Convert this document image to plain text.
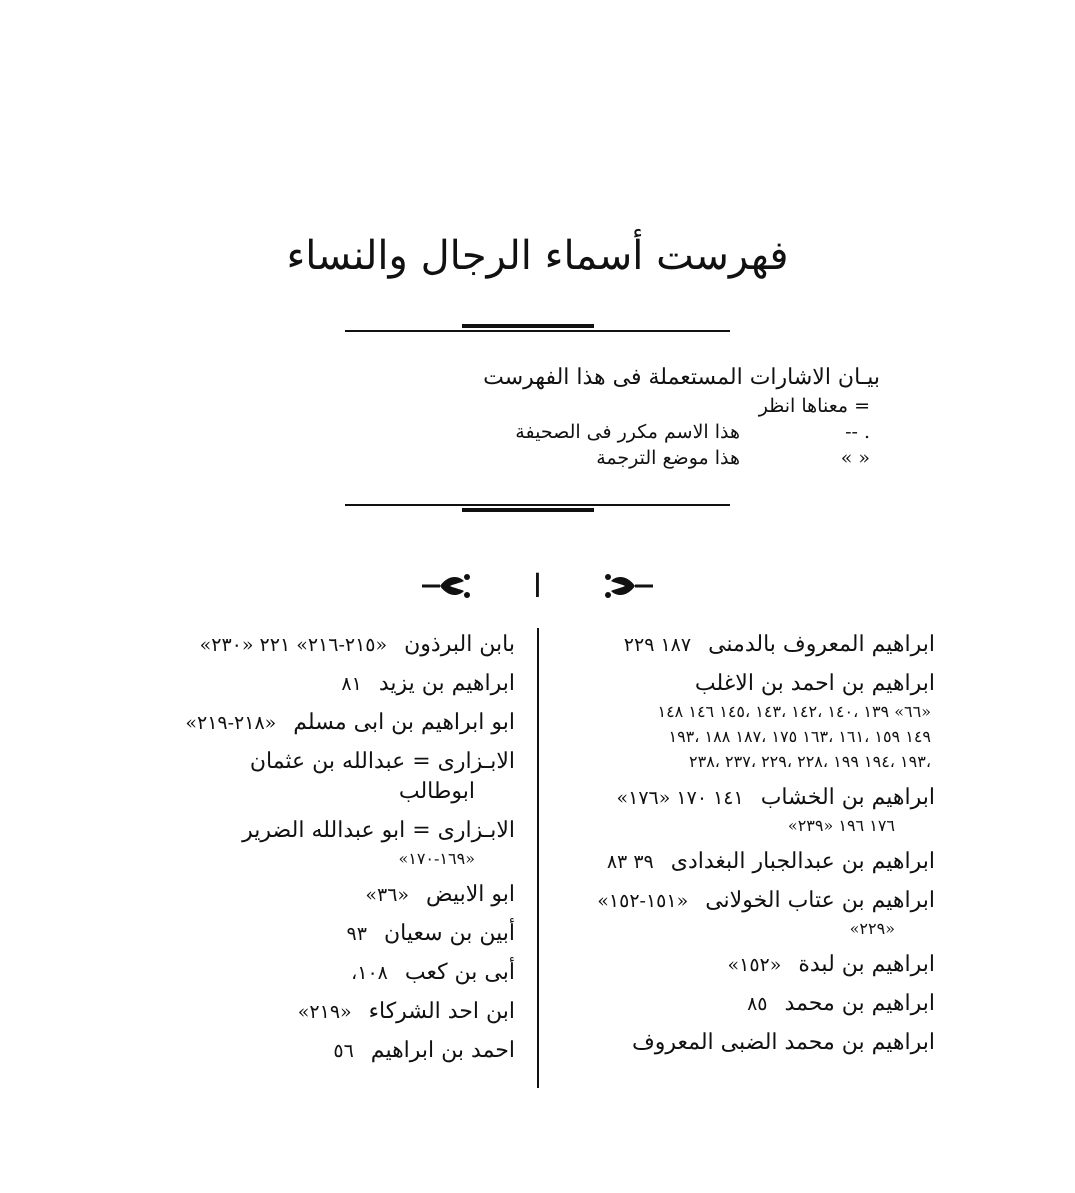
فهرست أسماء الرجال والنساء
بيـان الاشارات المستعملة فى هذا الفهرست
= معناها انظر
. --
هذا الاسم مكرر فى الصحيفة
« »
هذا موضع الترجمة
ا
ابراهيم المعروف بالدمنى ١٨٧ ٢٢٩
ابراهيم بن احمد بن الاغلب
«٦٦» ١٣٩ ،١٤٠ ،١٤٢ ،١٤٣ ،١٤٥ ١٤٦ ١٤٨
١٤٩ ١٥٩ ،١٦١ ،١٦٣ ١٧٥ ،١٨٧ ١٨٨ ،١٩٣
،١٩٣ ،١٩٤ ١٩٩ ،٢٢٨ ،٢٢٩ ،٢٣٧ ،٢٣٨
ابراهيم بن الخشاب ١٤١ ١٧٠ «١٧٦»
١٧٦ ١٩٦ «٢٣٩»
ابراهيم بن عبدالجبار البغدادى ٣٩ ٨٣
ابراهيم بن عتاب الخولانى «١٥١-١٥٢»
«٢٢٩»
ابراهيم بن لبدة «١٥٢»
ابراهيم بن محمد ٨٥
ابراهيم بن محمد الضبى المعروف
بابن البرذون «٢١٥-٢١٦» ٢٢١ «٢٣٠»
ابراهيم بن يزيد ٨١
ابو ابراهيم بن ابى مسلم «٢١٨-٢١٩»
الابـزارى = عبدالله بن عثمان
ابوطالب
الابـزارى = ابو عبدالله الضرير
«١٦٩-١٧٠»
ابو الابيض «٣٦»
أبين بن سعيان ٩٣
أبى بن كعب ١٠٨،
ابن احد الشركاء «٢١٩»
احمد بن ابراهيم ٥٦
